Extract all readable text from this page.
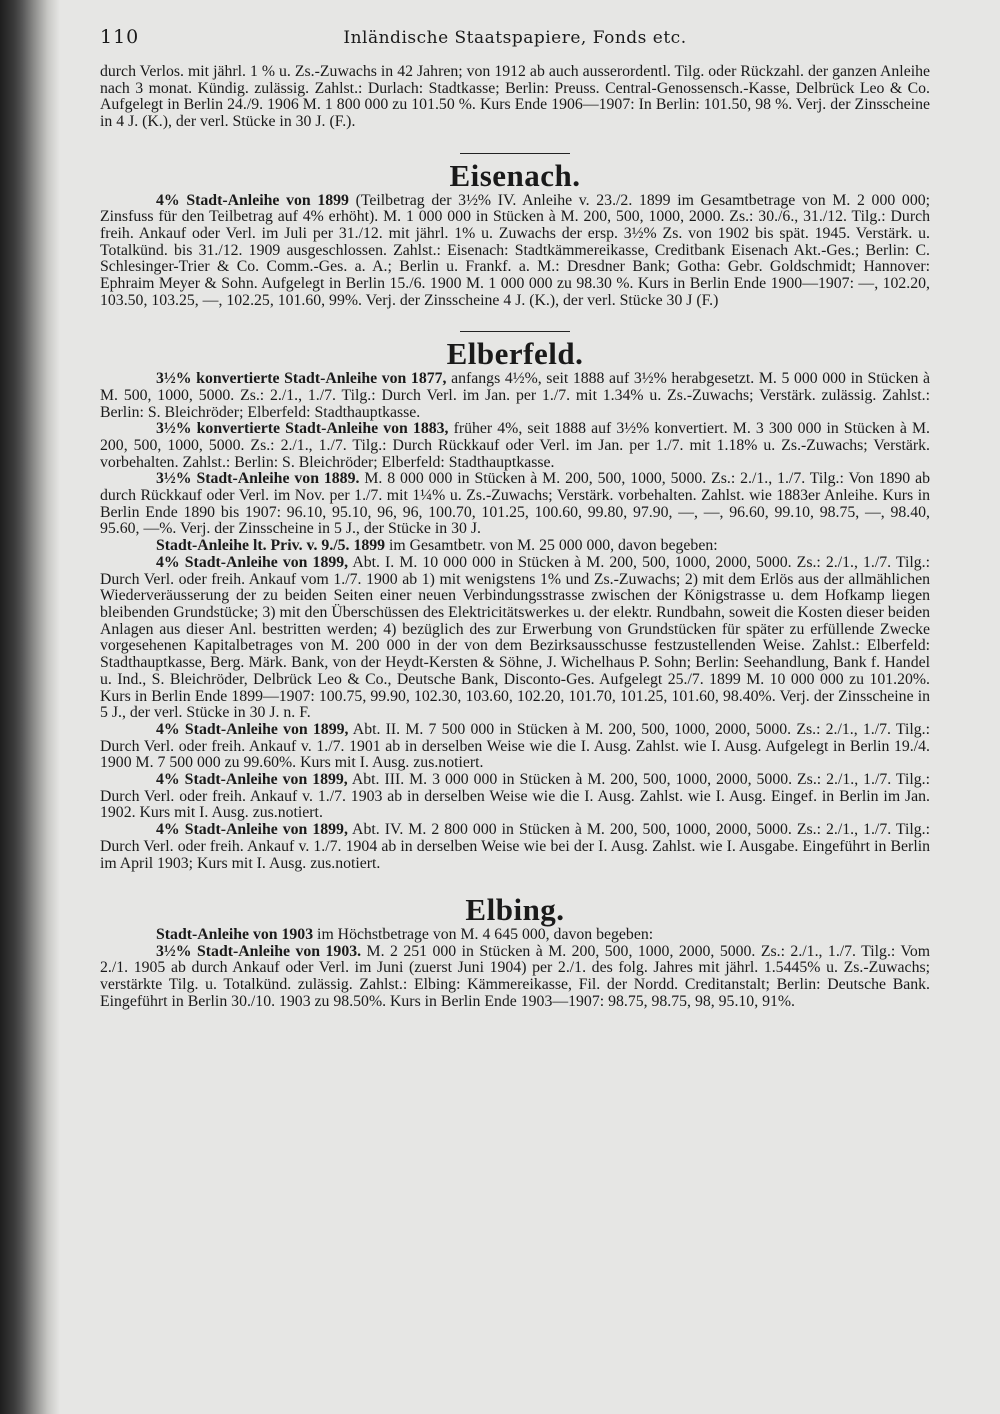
110	Inländische Staatspapiere, Fonds etc.

durch Verlos. mit jährl. 1 % u. Zs.-Zuwachs in 42 Jahren; von 1912 ab auch ausserordentl. Tilg. oder Rückzahl. der ganzen Anleihe nach 3 monat. Kündig. zulässig. Zahlst.: Durlach: Stadtkasse; Berlin: Preuss. Central-Genossensch.-Kasse, Delbrück Leo & Co. Aufgelegt in Berlin 24./9. 1906 M. 1 800 000 zu 101.50 %. Kurs Ende 1906—1907: In Berlin: 101.50, 98 %. Verj. der Zinsscheine in 4 J. (K.), der verl. Stücke in 30 J. (F.).

Eisenach.

4% Stadt-Anleihe von 1899 (Teilbetrag der 3½% IV. Anleihe v. 23./2. 1899 im Gesamtbetrage von M. 2 000 000; Zinsfuss für den Teilbetrag auf 4% erhöht). M. 1 000 000 in Stücken à M. 200, 500, 1000, 2000. Zs.: 30./6., 31./12. Tilg.: Durch freih. Ankauf oder Verl. im Juli per 31./12. mit jährl. 1% u. Zuwachs der ersp. 3½% Zs. von 1902 bis spät. 1945. Verstärk. u. Totalkünd. bis 31./12. 1909 ausgeschlossen. Zahlst.: Eisenach: Stadtkämmereikasse, Creditbank Eisenach Akt.-Ges.; Berlin: C. Schlesinger-Trier & Co. Comm.-Ges. a. A.; Berlin u. Frankf. a. M.: Dresdner Bank; Gotha: Gebr. Goldschmidt; Hannover: Ephraim Meyer & Sohn. Aufgelegt in Berlin 15./6. 1900 M. 1 000 000 zu 98.30 %. Kurs in Berlin Ende 1900—1907: —, 102.20, 103.50, 103.25, —, 102.25, 101.60, 99%. Verj. der Zinsscheine 4 J. (K.), der verl. Stücke 30 J (F.)

Elberfeld.

3½% konvertierte Stadt-Anleihe von 1877, anfangs 4½%, seit 1888 auf 3½% herabgesetzt. M. 5 000 000 in Stücken à M. 500, 1000, 5000. Zs.: 2./1., 1./7. Tilg.: Durch Verl. im Jan. per 1./7. mit 1.34% u. Zs.-Zuwachs; Verstärk. zulässig. Zahlst.: Berlin: S. Bleichröder; Elberfeld: Stadthauptkasse.

3½% konvertierte Stadt-Anleihe von 1883, früher 4%, seit 1888 auf 3½% konvertiert. M. 3 300 000 in Stücken à M. 200, 500, 1000, 5000. Zs.: 2./1., 1./7. Tilg.: Durch Rückkauf oder Verl. im Jan. per 1./7. mit 1.18% u. Zs.-Zuwachs; Verstärk. vorbehalten. Zahlst.: Berlin: S. Bleichröder; Elberfeld: Stadthauptkasse.

3½% Stadt-Anleihe von 1889. M. 8 000 000 in Stücken à M. 200, 500, 1000, 5000. Zs.: 2./1., 1./7. Tilg.: Von 1890 ab durch Rückkauf oder Verl. im Nov. per 1./7. mit 1¼% u. Zs.-Zuwachs; Verstärk. vorbehalten. Zahlst. wie 1883er Anleihe. Kurs in Berlin Ende 1890 bis 1907: 96.10, 95.10, 96, 96, 100.70, 101.25, 100.60, 99.80, 97.90, —, —, 96.60, 99.10, 98.75, —, 98.40, 95.60, —%. Verj. der Zinsscheine in 5 J., der Stücke in 30 J.

Stadt-Anleihe lt. Priv. v. 9./5. 1899 im Gesamtbetr. von M. 25 000 000, davon begeben:

4% Stadt-Anleihe von 1899, Abt. I. M. 10 000 000 in Stücken à M. 200, 500, 1000, 2000, 5000. Zs.: 2./1., 1./7. Tilg.: Durch Verl. oder freih. Ankauf vom 1./7. 1900 ab 1) mit wenigstens 1% und Zs.-Zuwachs; 2) mit dem Erlös aus der allmählichen Wiederveräusserung der zu beiden Seiten einer neuen Verbindungsstrasse zwischen der Königstrasse u. dem Hofkamp liegen bleibenden Grundstücke; 3) mit den Überschüssen des Elektricitätswerkes u. der elektr. Rundbahn, soweit die Kosten dieser beiden Anlagen aus dieser Anl. bestritten werden; 4) bezüglich des zur Erwerbung von Grundstücken für später zu erfüllende Zwecke vorgesehenen Kapitalbetrages von M. 200 000 in der von dem Bezirksausschusse festzustellenden Weise. Zahlst.: Elberfeld: Stadthauptkasse, Berg. Märk. Bank, von der Heydt-Kersten & Söhne, J. Wichelhaus P. Sohn; Berlin: Seehandlung, Bank f. Handel u. Ind., S. Bleichröder, Delbrück Leo & Co., Deutsche Bank, Disconto-Ges. Aufgelegt 25./7. 1899 M. 10 000 000 zu 101.20%. Kurs in Berlin Ende 1899—1907: 100.75, 99.90, 102.30, 103.60, 102.20, 101.70, 101.25, 101.60, 98.40%. Verj. der Zinsscheine in 5 J., der verl. Stücke in 30 J. n. F.

4% Stadt-Anleihe von 1899, Abt. II. M. 7 500 000 in Stücken à M. 200, 500, 1000, 2000, 5000. Zs.: 2./1., 1./7. Tilg.: Durch Verl. oder freih. Ankauf v. 1./7. 1901 ab in derselben Weise wie die I. Ausg. Zahlst. wie I. Ausg. Aufgelegt in Berlin 19./4. 1900 M. 7 500 000 zu 99.60%. Kurs mit I. Ausg. zus.notiert.

4% Stadt-Anleihe von 1899, Abt. III. M. 3 000 000 in Stücken à M. 200, 500, 1000, 2000, 5000. Zs.: 2./1., 1./7. Tilg.: Durch Verl. oder freih. Ankauf v. 1./7. 1903 ab in derselben Weise wie die I. Ausg. Zahlst. wie I. Ausg. Eingef. in Berlin im Jan. 1902. Kurs mit I. Ausg. zus.notiert.

4% Stadt-Anleihe von 1899, Abt. IV. M. 2 800 000 in Stücken à M. 200, 500, 1000, 2000, 5000. Zs.: 2./1., 1./7. Tilg.: Durch Verl. oder freih. Ankauf v. 1./7. 1904 ab in derselben Weise wie bei der I. Ausg. Zahlst. wie I. Ausgabe. Eingeführt in Berlin im April 1903; Kurs mit I. Ausg. zus.notiert.

Elbing.

Stadt-Anleihe von 1903 im Höchstbetrage von M. 4 645 000, davon begeben:

3½% Stadt-Anleihe von 1903. M. 2 251 000 in Stücken à M. 200, 500, 1000, 2000, 5000. Zs.: 2./1., 1./7. Tilg.: Vom 2./1. 1905 ab durch Ankauf oder Verl. im Juni (zuerst Juni 1904) per 2./1. des folg. Jahres mit jährl. 1.5445% u. Zs.-Zuwachs; verstärkte Tilg. u. Totalkünd. zulässig. Zahlst.: Elbing: Kämmereikasse, Fil. der Nordd. Creditanstalt; Berlin: Deutsche Bank. Eingeführt in Berlin 30./10. 1903 zu 98.50%. Kurs in Berlin Ende 1903—1907: 98.75, 98.75, 98, 95.10, 91%.
